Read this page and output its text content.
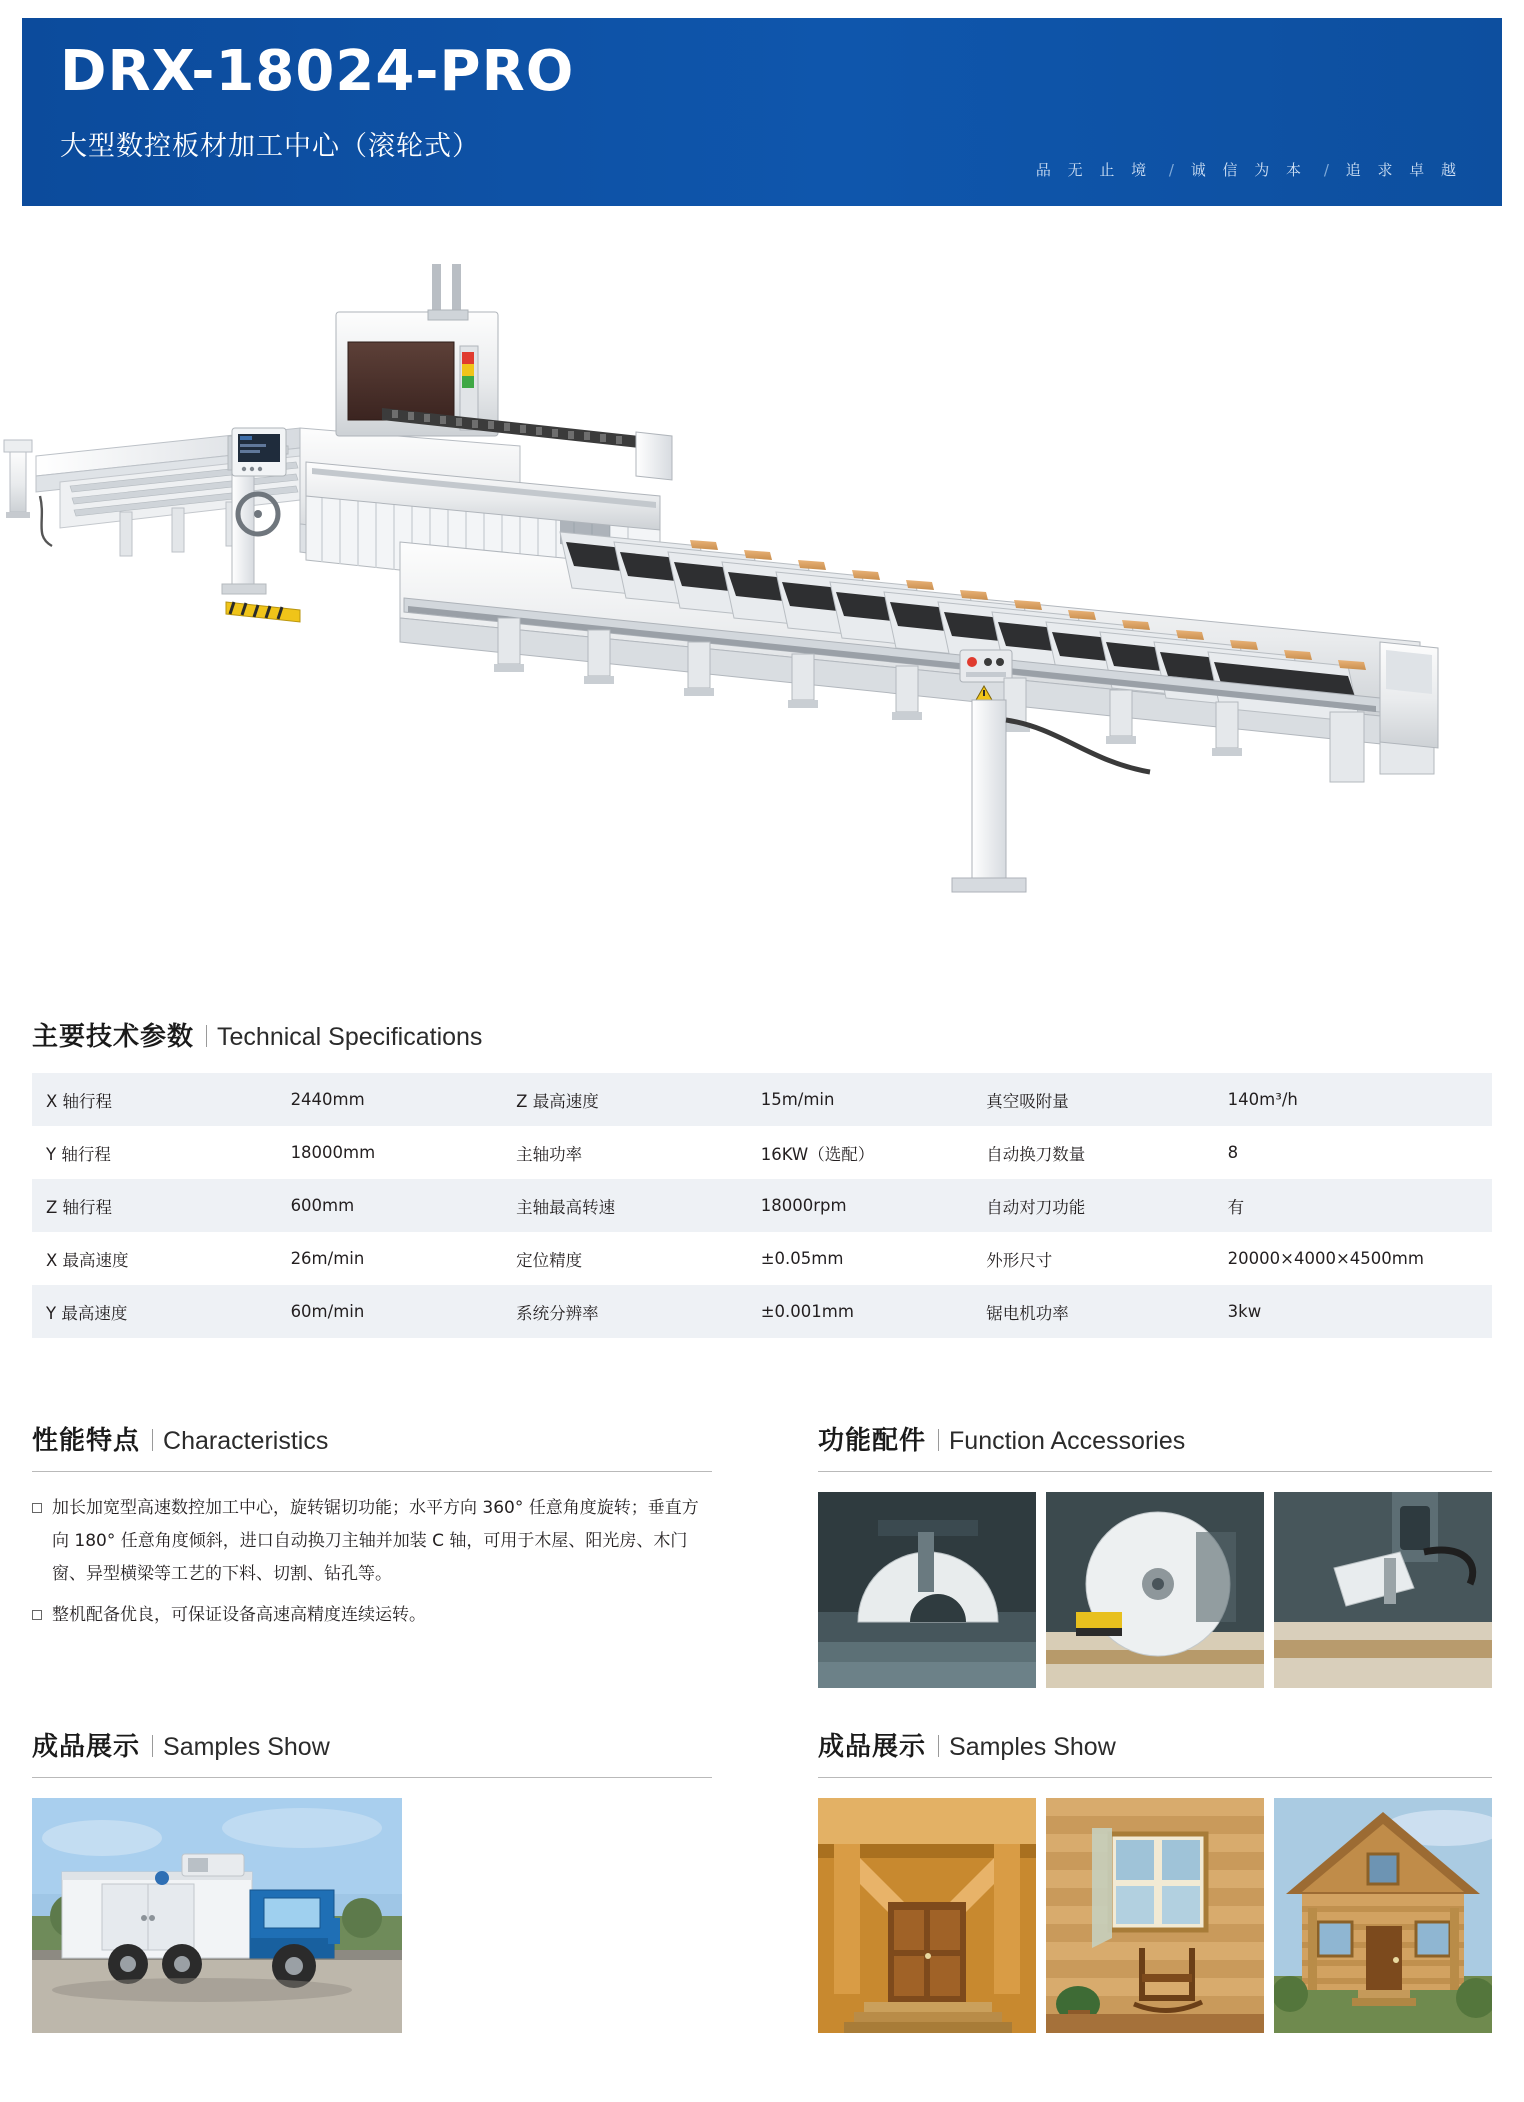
DRX-18024-PRO
大型数控板材加工中心（滚轮式）
品 无 止 境 / 诚 信 为 本 / 追 求 卓 越
主要技术参数 Technical Specifications
X 轴行程	2440mm	Z 最高速度	15m/min	真空吸附量	140m³/h
Y 轴行程	18000mm	主轴功率	16KW（选配）	自动换刀数量	8
Z 轴行程	600mm	主轴最高转速	18000rpm	自动对刀功能	有
X 最高速度	26m/min	定位精度	±0.05mm	外形尺寸	20000×4000×4500mm
Y 最高速度	60m/min	系统分辨率	±0.001mm	锯电机功率	3kw
性能特点 Characteristics
加长加宽型高速数控加工中心，旋转锯切功能；水平方向 360° 任意角度旋转；垂直方向 180° 任意角度倾斜，进口自动换刀主轴并加装 C 轴，可用于木屋、阳光房、木门窗、异型横梁等工艺的下料、切割、钻孔等。
整机配备优良，可保证设备高速高精度连续运转。
功能配件 Function Accessories
成品展示 Samples Show	成品展示 Samples Show
